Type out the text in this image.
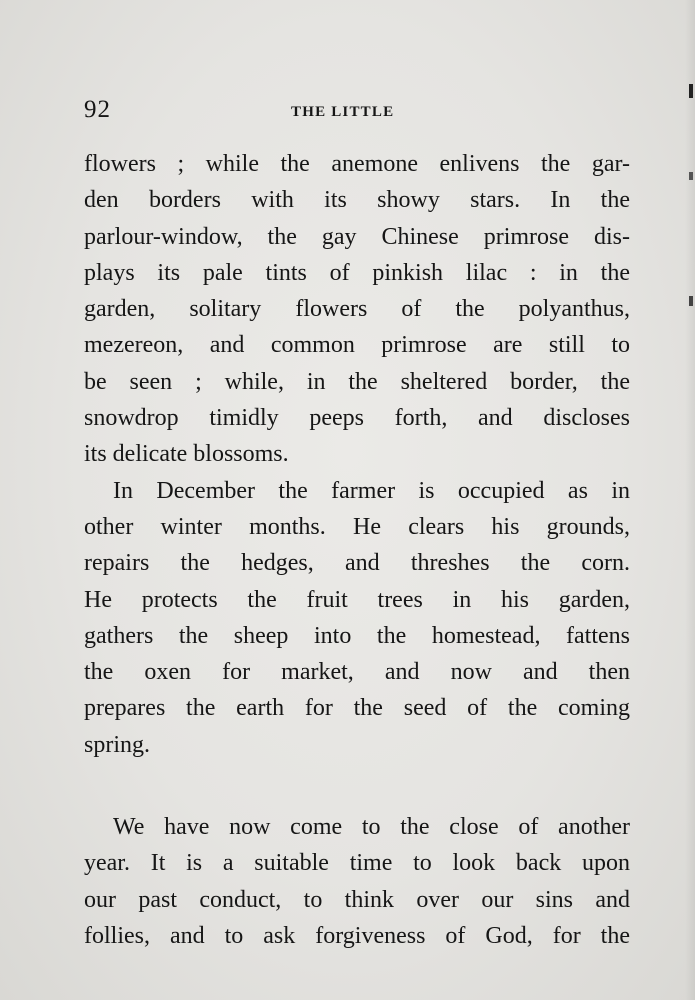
92	THE LITTLE
flowers ; while the anemone enlivens the gar-
den borders with its showy stars. In the
parlour-window, the gay Chinese primrose dis-
plays its pale tints of pinkish lilac : in the
garden, solitary flowers of the polyanthus,
mezereon, and common primrose are still to
be seen ; while, in the sheltered border, the
snowdrop timidly peeps forth, and discloses
its delicate blossoms.
In December the farmer is occupied as in
other winter months. He clears his grounds,
repairs the hedges, and threshes the corn.
He protects the fruit trees in his garden,
gathers the sheep into the homestead, fattens
the oxen for market, and now and then
prepares the earth for the seed of the coming
spring.
We have now come to the close of another
year. It is a suitable time to look back upon
our past conduct, to think over our sins and
follies, and to ask forgiveness of God, for the
